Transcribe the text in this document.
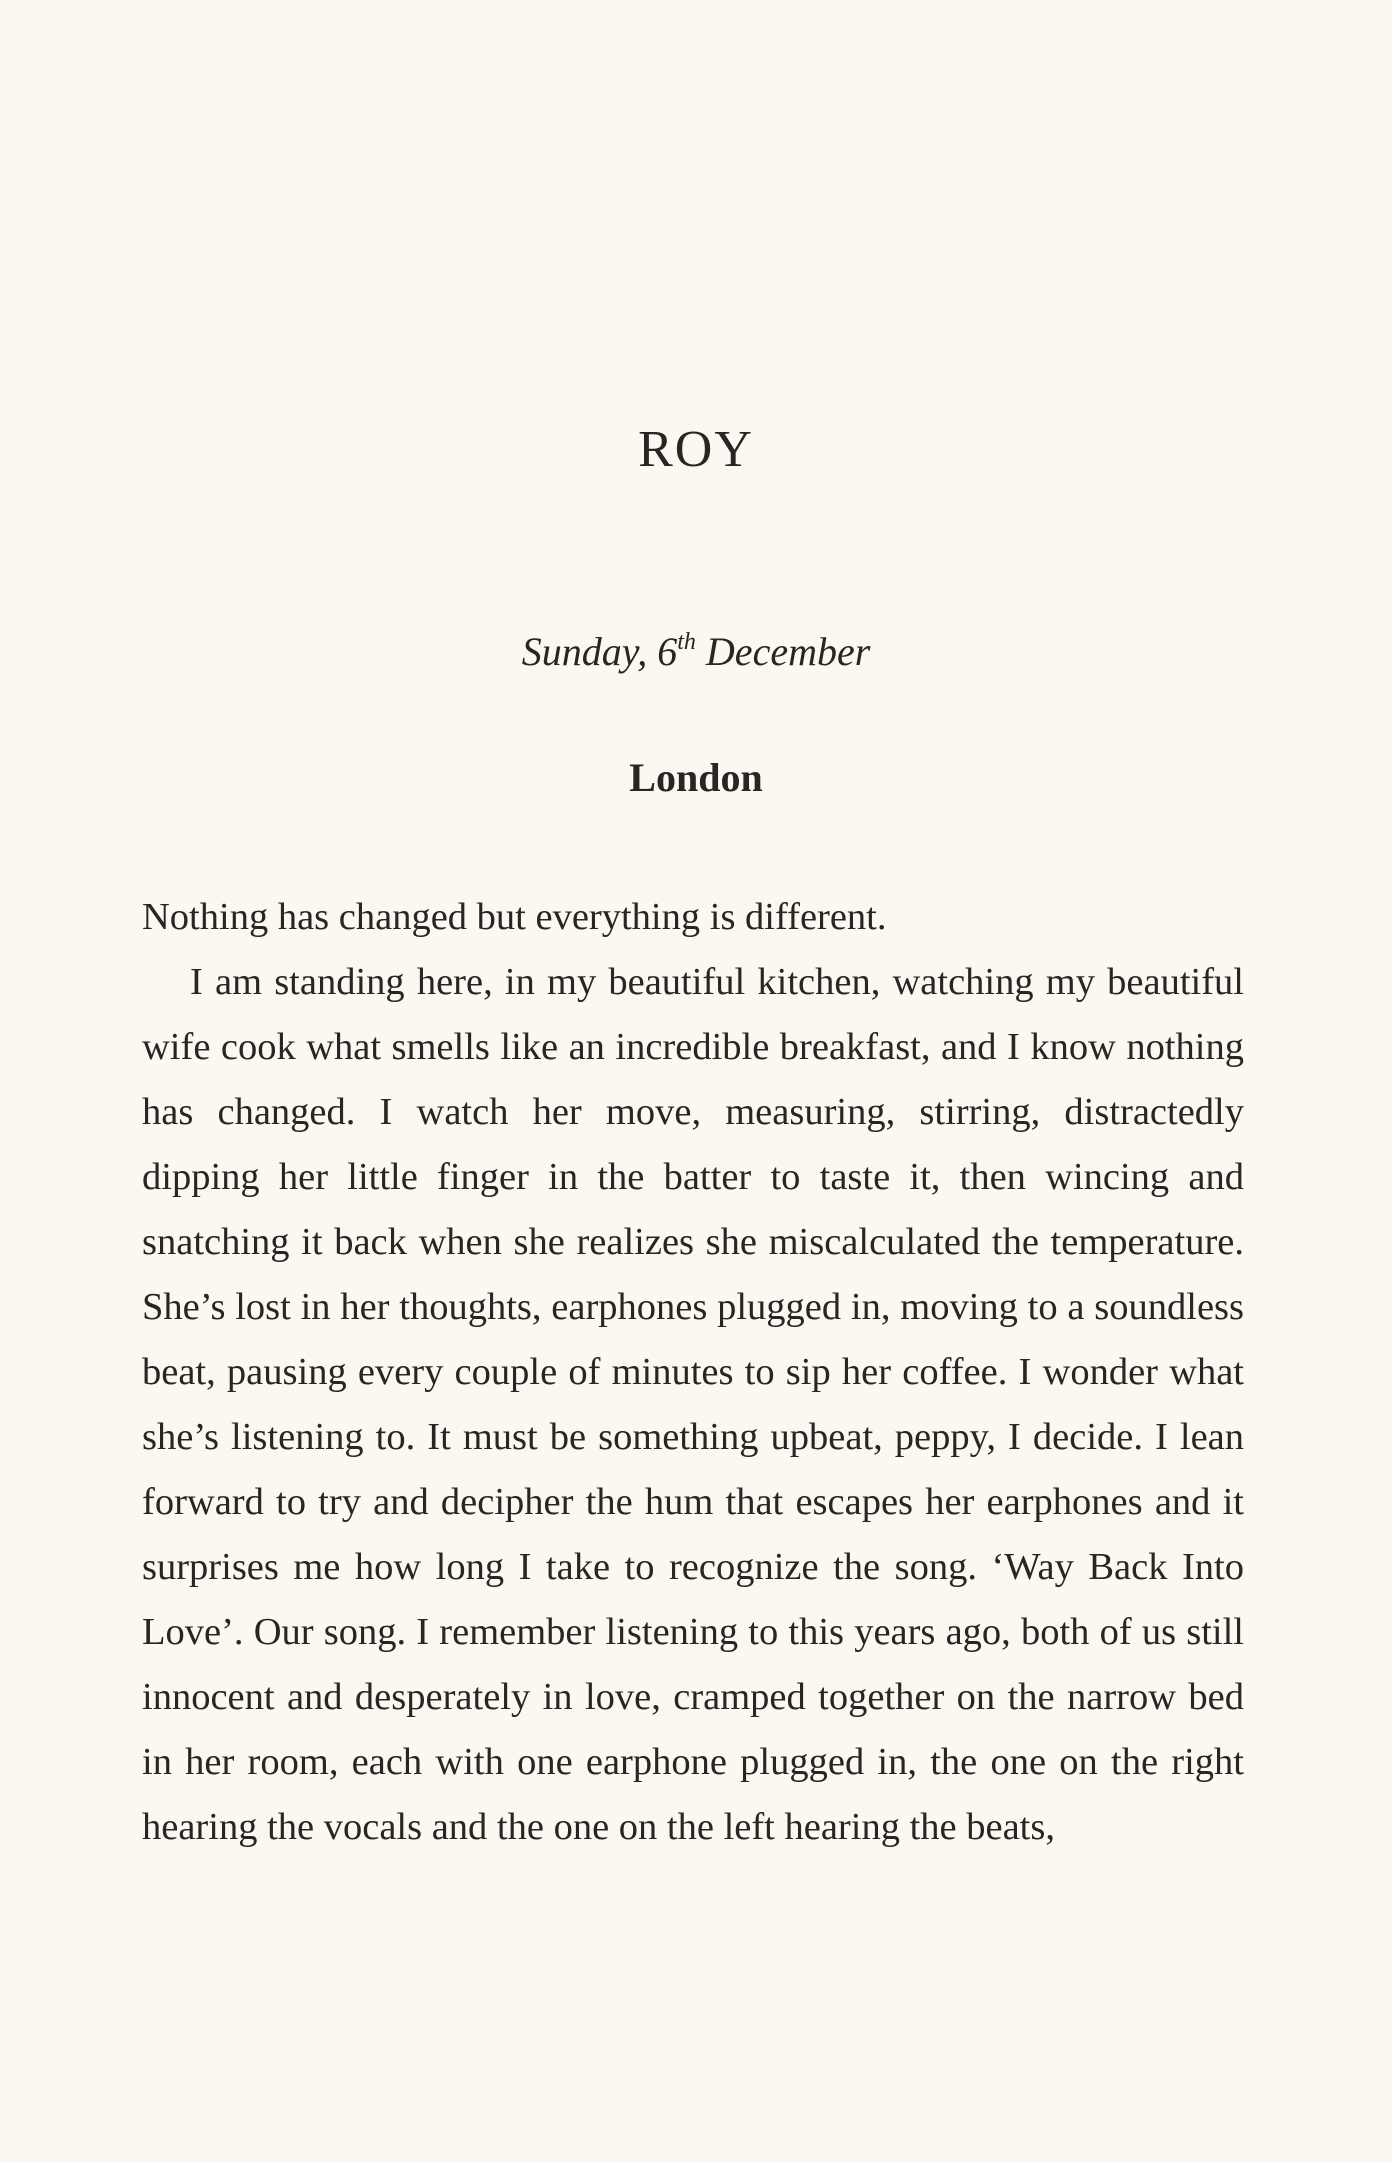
ROY
Sunday, 6th December
London

Nothing has changed but everything is different.

I am standing here, in my beautiful kitchen, watching my beautiful wife cook what smells like an incredible breakfast, and I know nothing has changed. I watch her move, measuring, stirring, distractedly dipping her little finger in the batter to taste it, then wincing and snatching it back when she realizes she miscalculated the temperature. She’s lost in her thoughts, earphones plugged in, moving to a soundless beat, pausing every couple of minutes to sip her coffee. I wonder what she’s listening to. It must be something upbeat, peppy, I decide. I lean forward to try and decipher the hum that escapes her earphones and it surprises me how long I take to recognize the song. ‘Way Back Into Love’. Our song. I remember listening to this years ago, both of us still innocent and desperately in love, cramped together on the narrow bed in her room, each with one earphone plugged in, the one on the right hearing the vocals and the one on the left hearing the beats,
